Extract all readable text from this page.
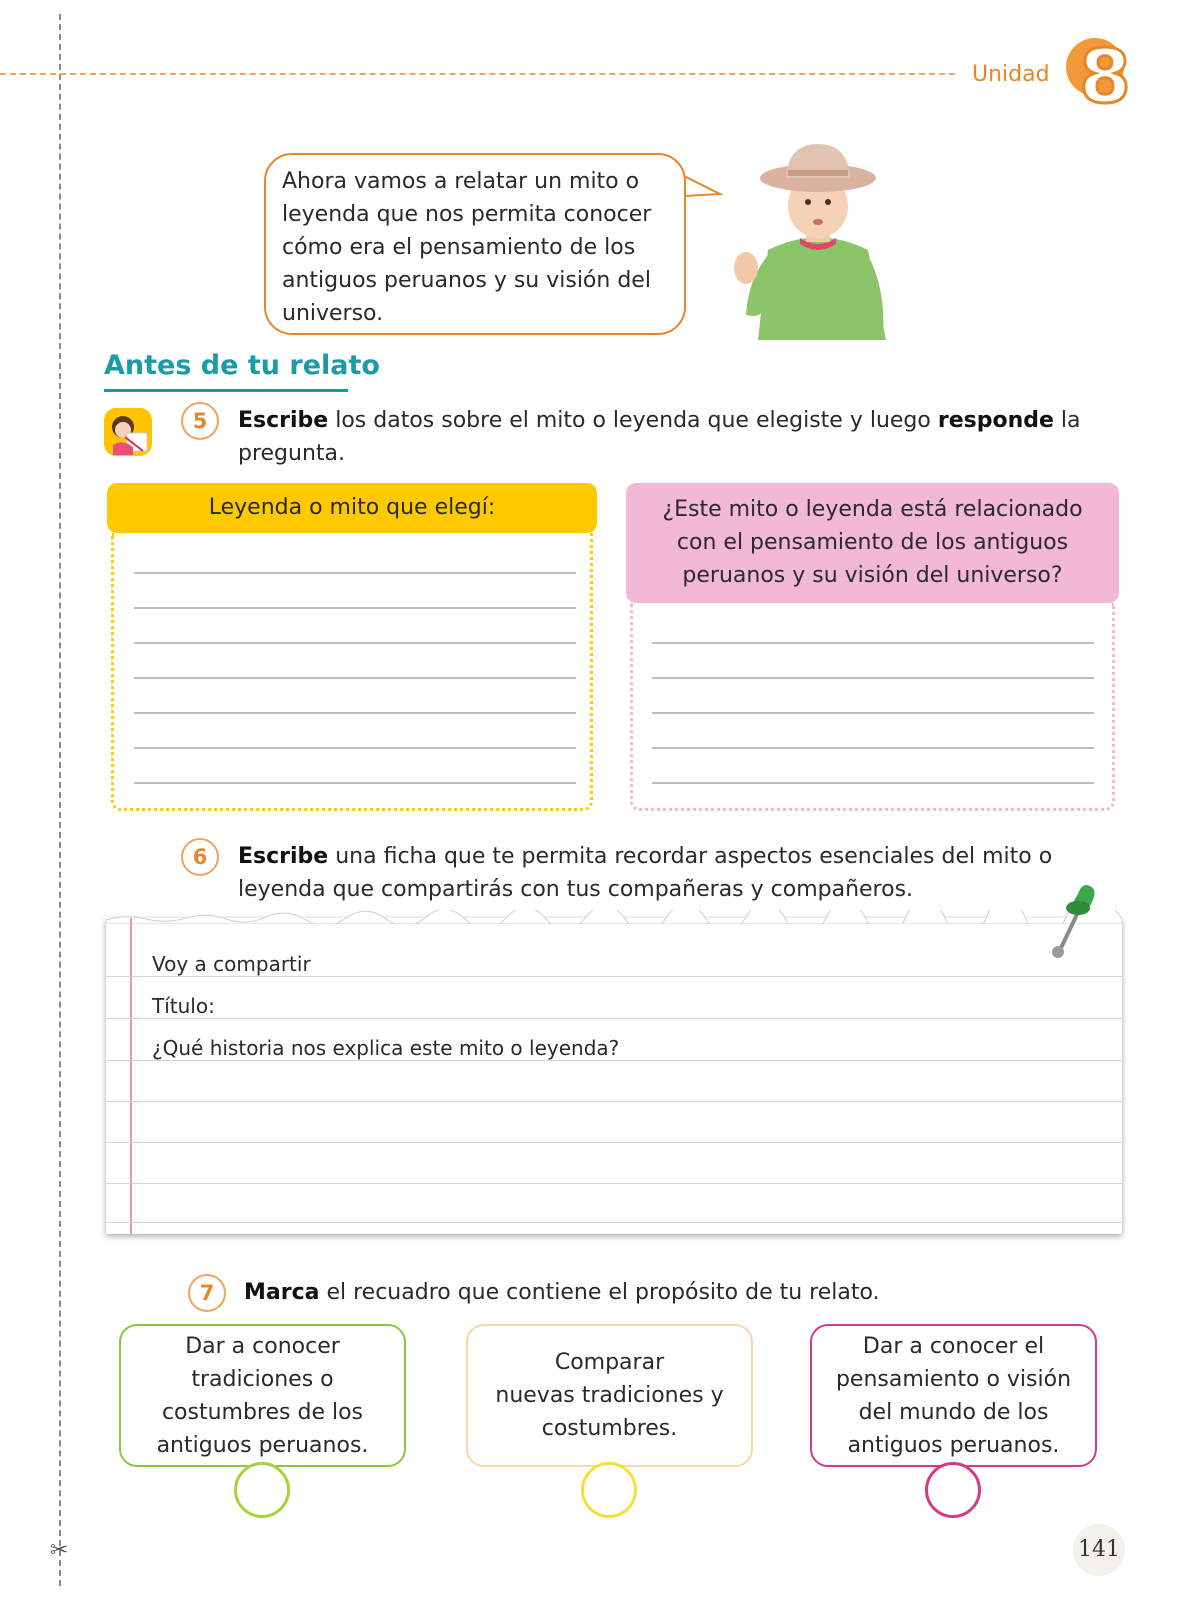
✂
Unidad 8
Ahora vamos a relatar un mito o
leyenda que nos permita conocer
cómo era el pensamiento de los
antiguos peruanos y su visión del
universo.
Antes de tu relato
5	Escribe los datos sobre el mito o leyenda que elegiste y luego responde la
pregunta.
Leyenda o mito que elegí:	¿Este mito o leyenda está relacionado
con el pensamiento de los antiguos
peruanos y su visión del universo?
6	Escribe una ficha que te permita recordar aspectos esenciales del mito o
leyenda que compartirás con tus compañeras y compañeros.
Voy a compartir
Título:
¿Qué historia nos explica este mito o leyenda?
7	Marca el recuadro que contiene el propósito de tu relato.
Dar a conocer
tradiciones o
costumbres de los
antiguos peruanos.
Comparar
nuevas tradiciones y
costumbres.
Dar a conocer el
pensamiento o visión
del mundo de los
antiguos peruanos.
141
